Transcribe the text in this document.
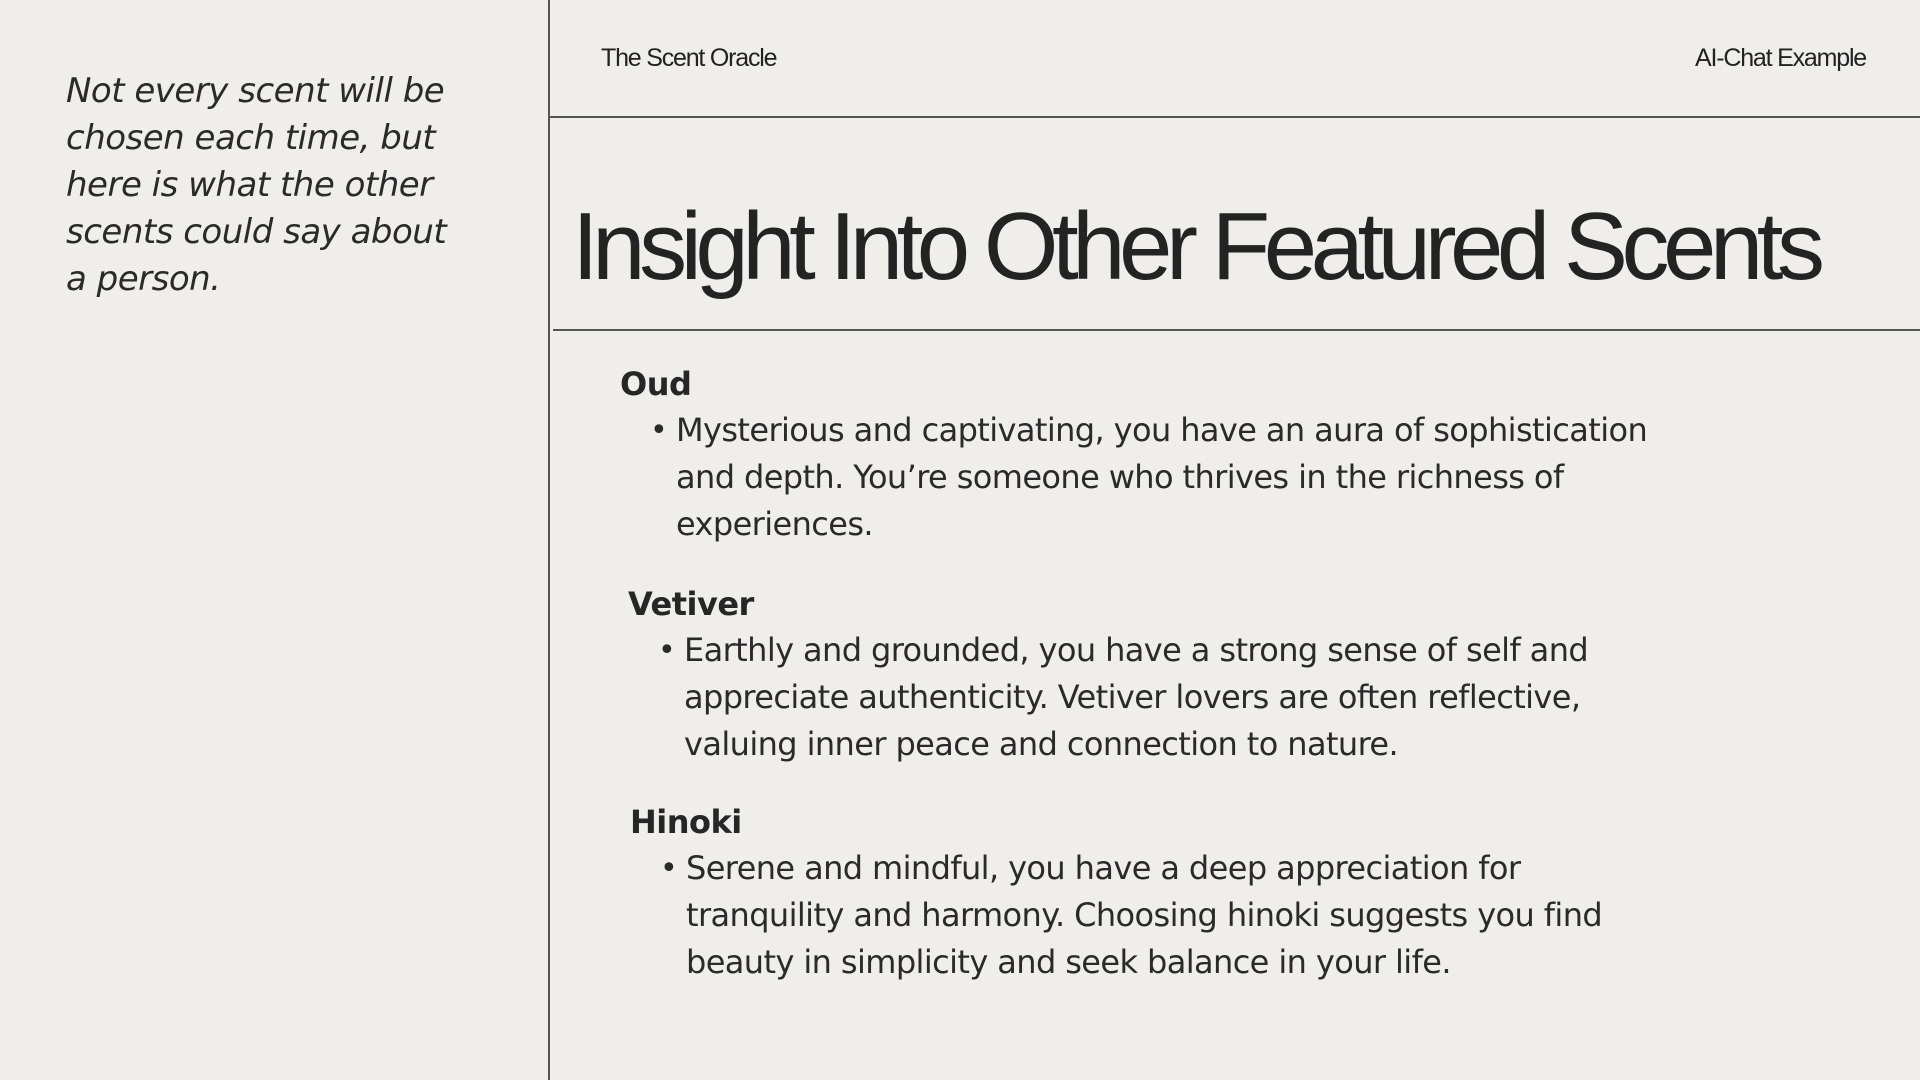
Not every scent will be chosen each time, but here is what the other scents could say about a person.

The Scent Oracle	AI-Chat Example
Insight Into Other Featured Scents
Oud
• Mysterious and captivating, you have an aura of sophistication and depth. You’re someone who thrives in the richness of experiences.
Vetiver
• Earthly and grounded, you have a strong sense of self and appreciate authenticity. Vetiver lovers are often reflective, valuing inner peace and connection to nature.
Hinoki
• Serene and mindful, you have a deep appreciation for tranquility and harmony. Choosing hinoki suggests you find beauty in simplicity and seek balance in your life.
